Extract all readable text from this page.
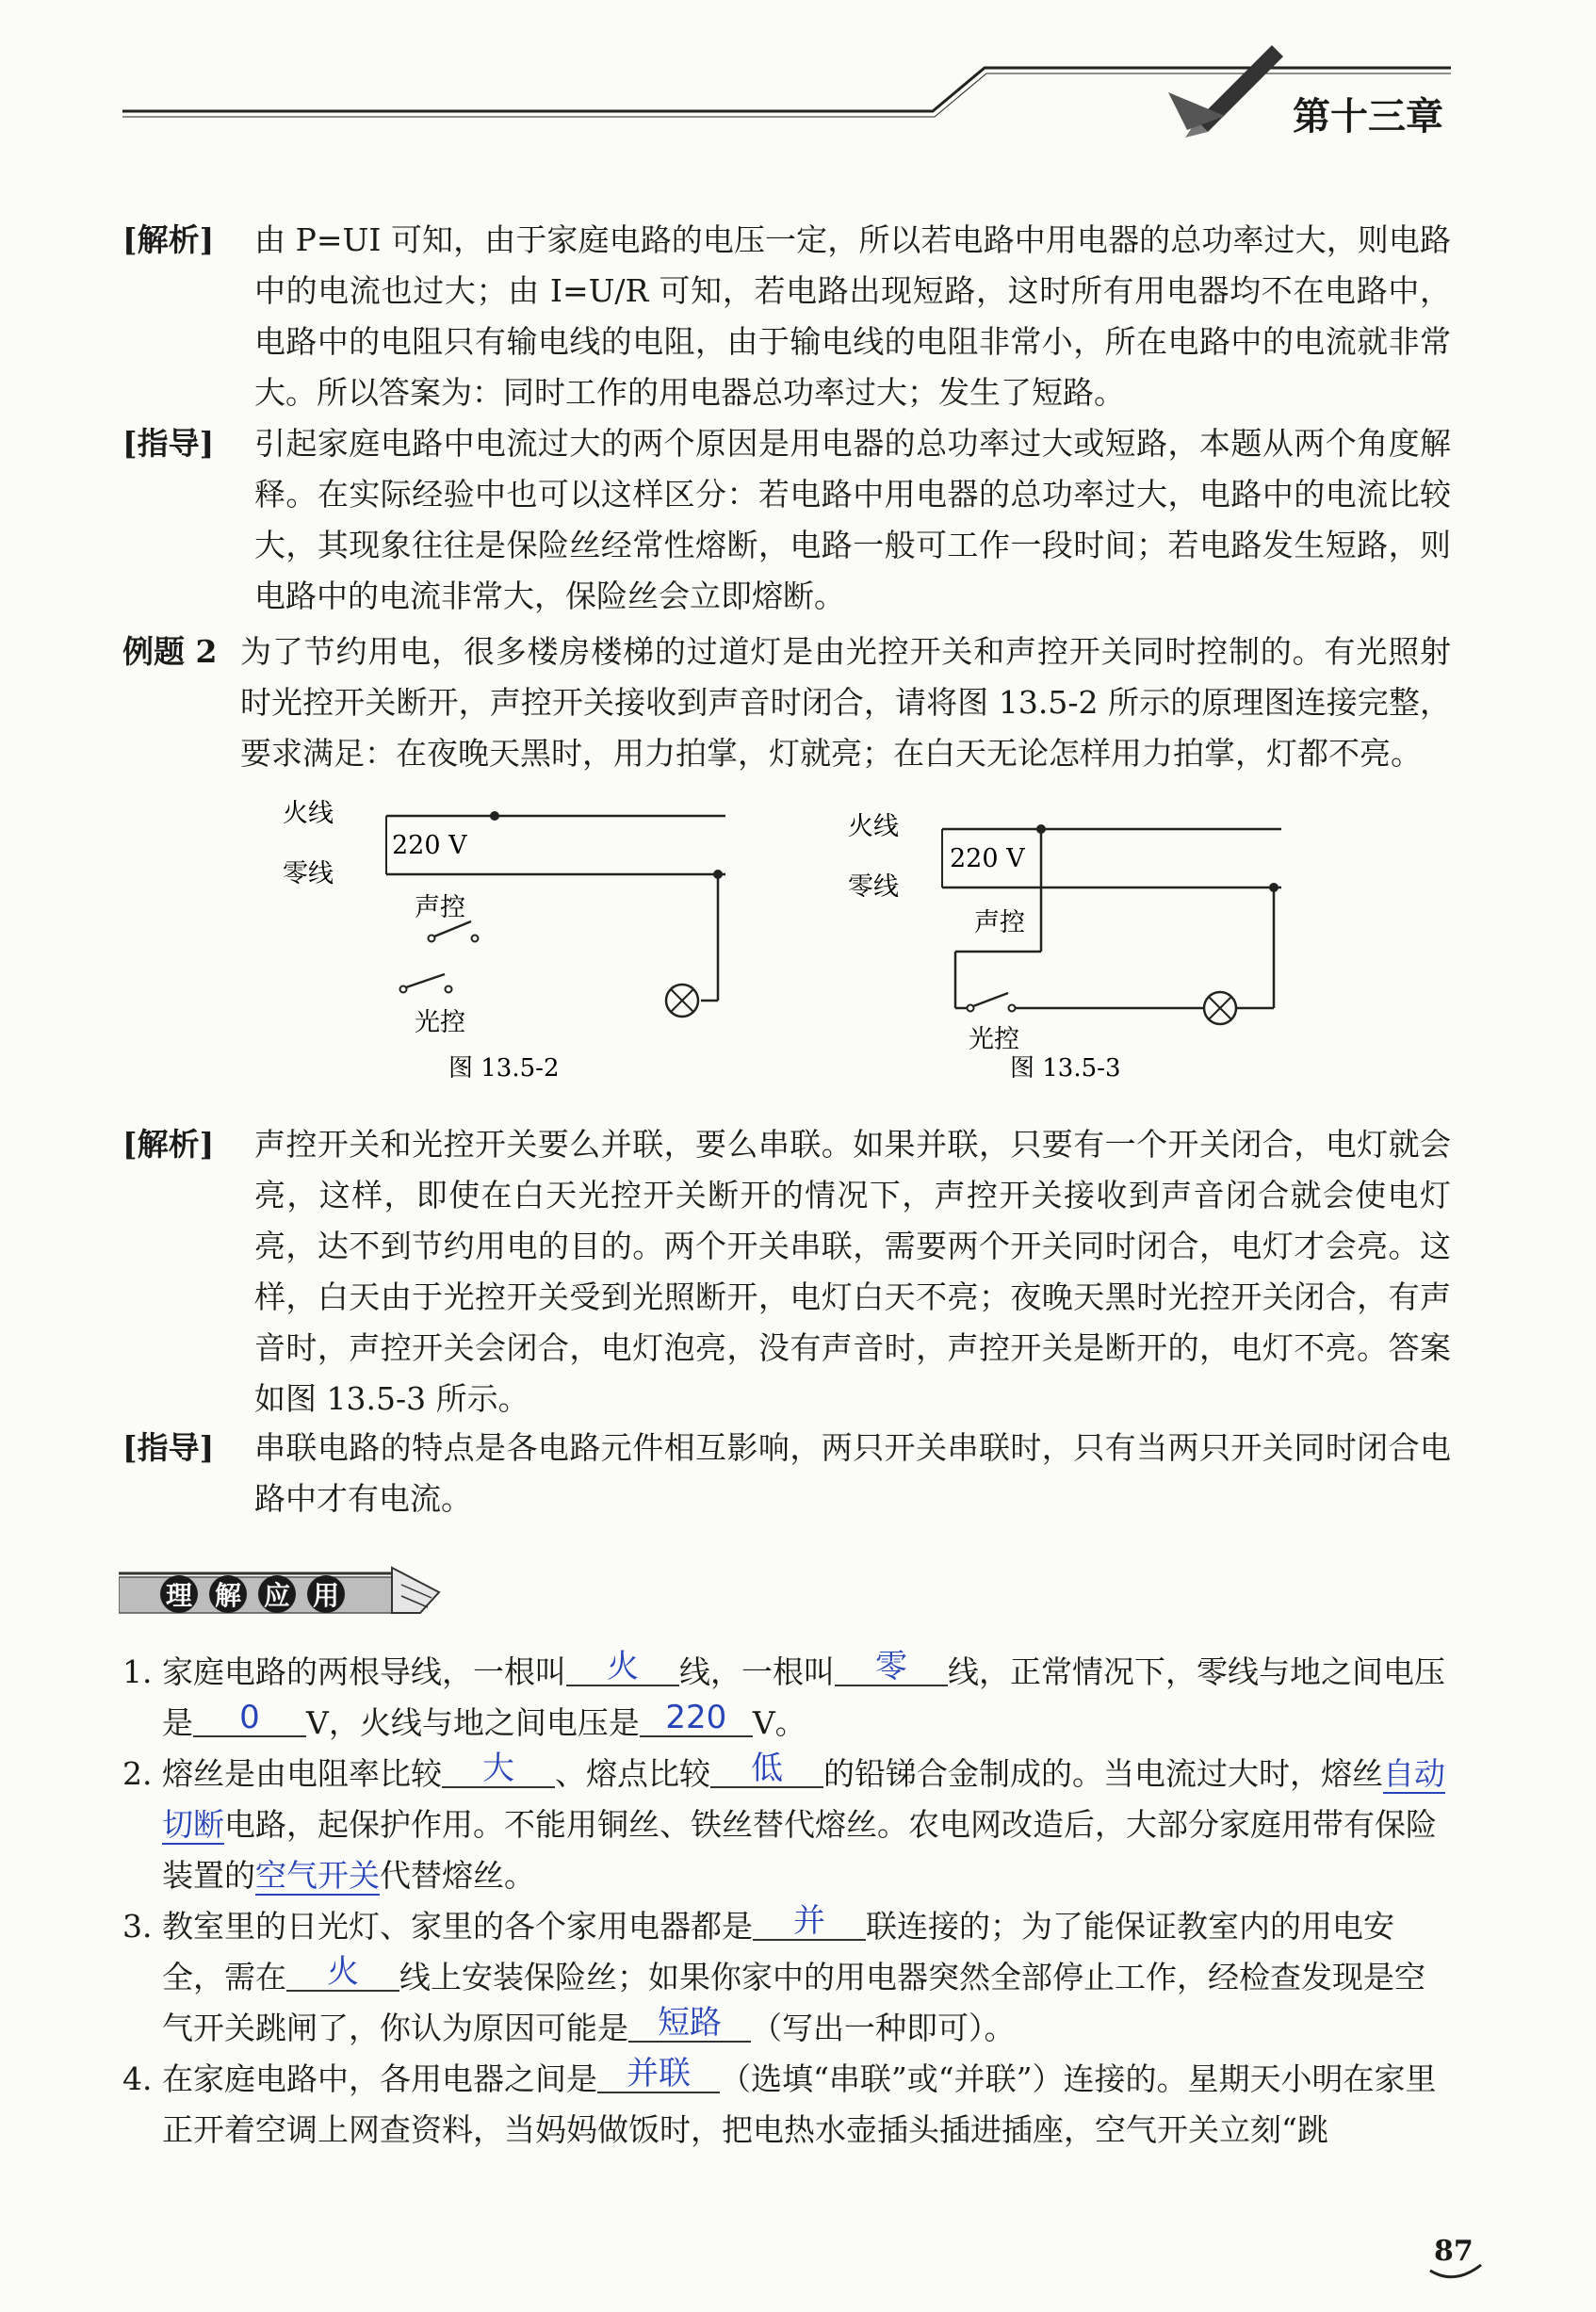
第十三章
[解析] 由 P=UI 可知，由于家庭电路的电压一定，所以若电路中用电器的总功率过大，则电路中的电流也过大；由 I=U/R 可知，若电路出现短路，这时所有用电器均不在电路中，电路中的电阻只有输电线的电阻，由于输电线的电阻非常小，所在电路中的电流就非常大。所以答案为：同时工作的用电器总功率过大；发生了短路。
[指导] 引起家庭电路中电流过大的两个原因是用电器的总功率过大或短路，本题从两个角度解释。在实际经验中也可以这样区分：若电路中用电器的总功率过大，电路中的电流比较大，其现象往往是保险丝经常性熔断，电路一般可工作一段时间；若电路发生短路，则电路中的电流非常大，保险丝会立即熔断。
例题 2 为了节约用电，很多楼房楼梯的过道灯是由光控开关和声控开关同时控制的。有光照射时光控开关断开，声控开关接收到声音时闭合，请将图 13.5-2 所示的原理图连接完整，要求满足：在夜晚天黑时，用力拍掌，灯就亮；在白天无论怎样用力拍掌，灯都不亮。
火线
零线
220 V
声控
光控
图 13.5-2
火线
零线
220 V
声控
光控
图 13.5-3
[解析] 声控开关和光控开关要么并联，要么串联。如果并联，只要有一个开关闭合，电灯就会亮，这样，即使在白天光控开关断开的情况下，声控开关接收到声音闭合就会使电灯亮，达不到节约用电的目的。两个开关串联，需要两个开关同时闭合，电灯才会亮。这样，白天由于光控开关受到光照断开，电灯白天不亮；夜晚天黑时光控开关闭合，有声音时，声控开关会闭合，电灯泡亮，没有声音时，声控开关是断开的，电灯不亮。答案如图 13.5-3 所示。
[指导] 串联电路的特点是各电路元件相互影响，两只开关串联时，只有当两只开关同时闭合电路中才有电流。
理 解 应 用
1. 家庭电路的两根导线，一根叫 火 线，一根叫 零 线，正常情况下，零线与地之间电压是 0 V，火线与地之间电压是 220 V。
2. 熔丝是由电阻率比较 大 、熔点比较 低 的铅锑合金制成的。当电流过大时，熔丝自动切断电路，起保护作用。不能用铜丝、铁丝替代熔丝。农电网改造后，大部分家庭用带有保险装置的空气开关代替熔丝。
3. 教室里的日光灯、家里的各个家用电器都是 并 联连接的；为了能保证教室内的用电安全，需在 火 线上安装保险丝；如果你家中的用电器突然全部停止工作，经检查发现是空气开关跳闸了，你认为原因可能是 短路 （写出一种即可）。
4. 在家庭电路中，各用电器之间是 并联 （选填“串联”或“并联”）连接的。星期天小明在家里正开着空调上网查资料，当妈妈做饭时，把电热水壶插头插进插座，空气开关立刻“跳
87
